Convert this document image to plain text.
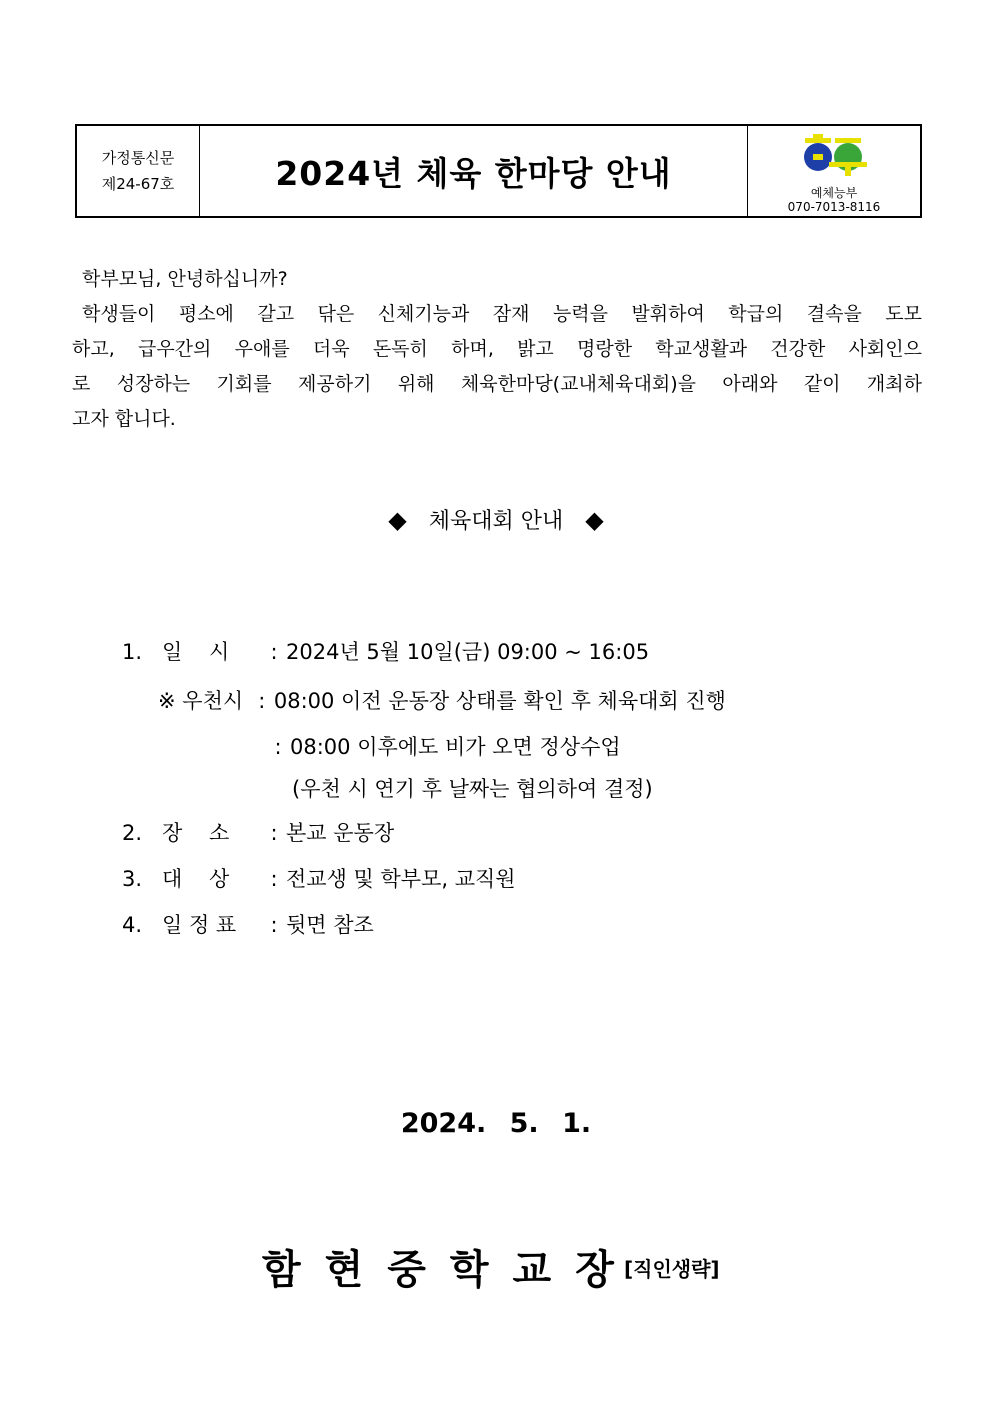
가정통신문
제24-67호	2024년 체육 한마당 안내
예체능부
070-7013-8116
학부모님, 안녕하십니까?
학생들이 평소에 갈고 닦은 신체기능과 잠재 능력을 발휘하여 학급의 결속을 도모
하고, 급우간의 우애를 더욱 돈독히 하며, 밝고 명랑한 학교생활과 건강한 사회인으
로 성장하는 기회를 제공하기 위해 체육한마당(교내체육대회)을 아래와 같이 개최하
고자 합니다.
◆ 체육대회 안내 ◆
1. 일    시 : 2024년 5월 10일(금) 09:00 ~ 16:05
※ 우천시 : 08:00 이전 운동장 상태를 확인 후 체육대회 진행
: 08:00 이후에도 비가 오면 정상수업
(우천 시 연기 후 날짜는 협의하여 결정)
2. 장    소 : 본교 운동장
3. 대    상 : 전교생 및 학부모, 교직원
4. 일 정 표 : 뒷면 참조
2024. 5. 1.
함현중학교장
[직인생략]
